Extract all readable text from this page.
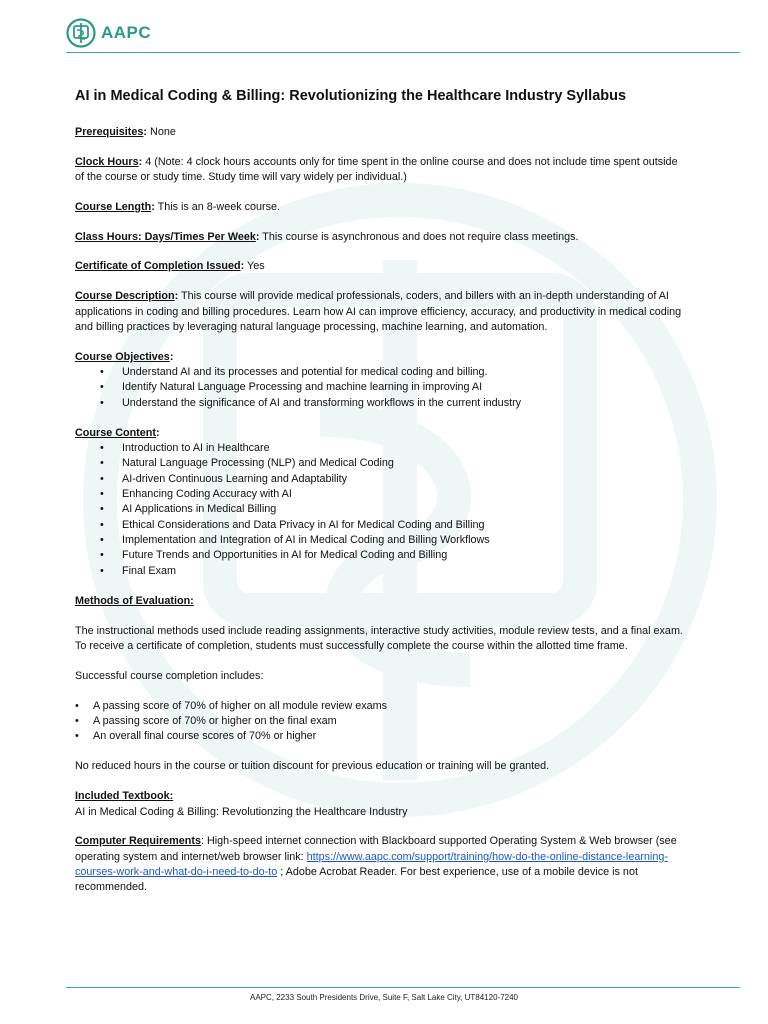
AAPC
AI in Medical Coding & Billing: Revolutionizing the Healthcare Industry Syllabus

Prerequisites: None

Clock Hours: 4 (Note: 4 clock hours accounts only for time spent in the online course and does not include time spent outside of the course or study time. Study time will vary widely per individual.)

Course Length: This is an 8-week course.

Class Hours: Days/Times Per Week: This course is asynchronous and does not require class meetings.

Certificate of Completion Issued: Yes

Course Description: This course will provide medical professionals, coders, and billers with an in-depth understanding of AI applications in coding and billing procedures. Learn how AI can improve efficiency, accuracy, and productivity in medical coding and billing practices by leveraging natural language processing, machine learning, and automation.

Course Objectives:

• Understand AI and its processes and potential for medical coding and billing.
• Identify Natural Language Processing and machine learning in improving AI
• Understand the significance of AI and transforming workflows in the current industry

Course Content:

• Introduction to AI in Healthcare
• Natural Language Processing (NLP) and Medical Coding
• AI-driven Continuous Learning and Adaptability
• Enhancing Coding Accuracy with AI
• AI Applications in Medical Billing
• Ethical Considerations and Data Privacy in AI for Medical Coding and Billing
• Implementation and Integration of AI in Medical Coding and Billing Workflows
• Future Trends and Opportunities in AI for Medical Coding and Billing
• Final Exam

Methods of Evaluation:

The instructional methods used include reading assignments, interactive study activities, module review tests, and a final exam. To receive a certificate of completion, students must successfully complete the course within the allotted time frame.

Successful course completion includes:

• A passing score of 70% of higher on all module review exams
• A passing score of 70% or higher on the final exam
• An overall final course scores of 70% or higher

No reduced hours in the course or tuition discount for previous education or training will be granted.

Included Textbook:
AI in Medical Coding & Billing: Revolutionzing the Healthcare Industry

Computer Requirements: High-speed internet connection with Blackboard supported Operating System & Web browser (see operating system and internet/web browser link: https://www.aapc.com/support/training/how-do-the-online-distance-learning-courses-work-and-what-do-i-need-to-do-to ; Adobe Acrobat Reader. For best experience, use of a mobile device is not recommended.

AAPC, 2233 South Presidents Drive, Suite F, Salt Lake City, UT84120-7240
